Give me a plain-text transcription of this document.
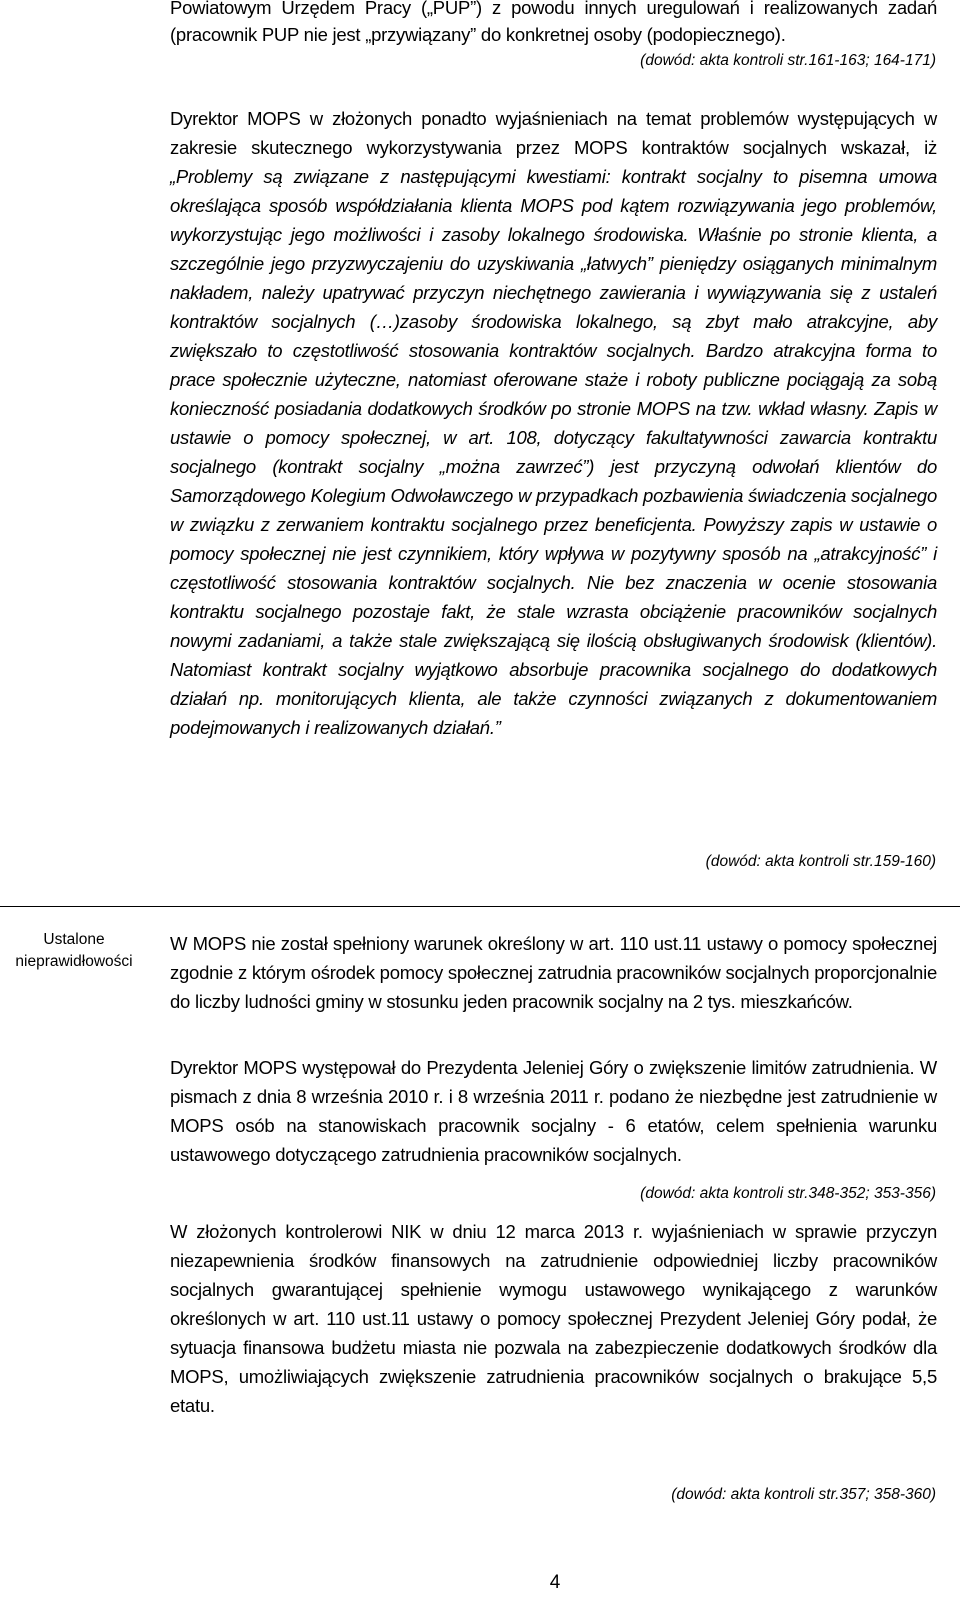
Powiatowym Urzędem Pracy („PUP”) z powodu innych uregulowań i realizowanych zadań (pracownik PUP nie jest „przywiązany” do konkretnej osoby (podopiecznego).

(dowód: akta kontroli str.161-163; 164-171)

Dyrektor MOPS w złożonych ponadto wyjaśnieniach na temat problemów występujących w zakresie skutecznego wykorzystywania przez MOPS kontraktów socjalnych wskazał, iż „Problemy są związane z następującymi kwestiami: kontrakt socjalny to pisemna umowa określająca sposób współdziałania klienta MOPS pod kątem rozwiązywania jego problemów, wykorzystując jego możliwości i zasoby lokalnego środowiska. Właśnie po stronie klienta, a szczególnie jego przyzwyczajeniu do uzyskiwania „łatwych” pieniędzy osiąganych minimalnym nakładem, należy upatrywać przyczyn niechętnego zawierania i wywiązywania się z ustaleń kontraktów socjalnych (…)zasoby środowiska lokalnego, są zbyt mało atrakcyjne, aby zwiększało to częstotliwość stosowania kontraktów socjalnych. Bardzo atrakcyjna forma to prace społecznie użyteczne, natomiast oferowane staże i roboty publiczne pociągają za sobą konieczność posiadania dodatkowych środków po stronie MOPS na tzw. wkład własny. Zapis w ustawie o pomocy społecznej, w art. 108, dotyczący fakultatywności zawarcia kontraktu socjalnego (kontrakt socjalny „można zawrzeć”) jest przyczyną odwołań klientów do Samorządowego Kolegium Odwoławczego w przypadkach pozbawienia świadczenia socjalnego w związku z zerwaniem kontraktu socjalnego przez beneficjenta. Powyższy zapis w ustawie o pomocy społecznej nie jest czynnikiem, który wpływa w pozytywny sposób na „atrakcyjność” i częstotliwość stosowania kontraktów socjalnych. Nie bez znaczenia w ocenie stosowania kontraktu socjalnego pozostaje fakt, że stale wzrasta obciążenie pracowników socjalnych nowymi zadaniami, a także stale zwiększającą się ilością obsługiwanych środowisk (klientów). Natomiast kontrakt socjalny wyjątkowo absorbuje pracownika socjalnego do dodatkowych działań np. monitorujących klienta, ale także czynności związanych z dokumentowaniem podejmowanych i realizowanych działań.”

(dowód: akta kontroli str.159-160)
Ustalone nieprawidłowości

W MOPS nie został spełniony warunek określony w art. 110 ust.11 ustawy o pomocy społecznej zgodnie z którym ośrodek pomocy społecznej zatrudnia pracowników socjalnych proporcjonalnie do liczby ludności gminy w stosunku jeden pracownik socjalny na 2 tys. mieszkańców.

Dyrektor MOPS występował do Prezydenta Jeleniej Góry o zwiększenie limitów zatrudnienia. W pismach z dnia 8 września 2010 r. i 8 września 2011 r. podano że niezbędne jest zatrudnienie w MOPS osób na stanowiskach pracownik socjalny - 6 etatów, celem spełnienia warunku ustawowego dotyczącego zatrudnienia pracowników socjalnych.

(dowód: akta kontroli str.348-352; 353-356)

W złożonych kontrolerowi NIK w dniu 12 marca 2013 r. wyjaśnieniach w sprawie przyczyn niezapewnienia środków finansowych na zatrudnienie odpowiedniej liczby pracowników socjalnych gwarantującej spełnienie wymogu ustawowego wynikającego z warunków określonych w art. 110 ust.11 ustawy o pomocy społecznej Prezydent Jeleniej Góry podał, że sytuacja finansowa budżetu miasta nie pozwala na zabezpieczenie dodatkowych środków dla MOPS, umożliwiających zwiększenie zatrudnienia pracowników socjalnych o brakujące 5,5 etatu.

(dowód: akta kontroli str.357; 358-360)
4
